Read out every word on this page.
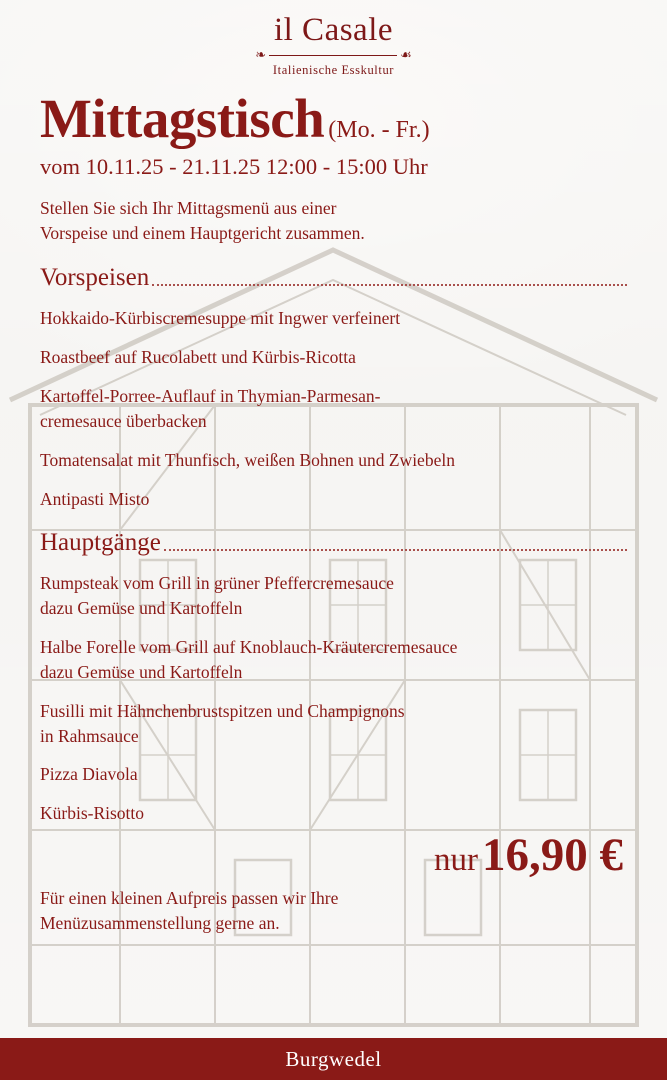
il Casale
❧	☙
Italienische Esskultur
Mittagstisch (Mo. - Fr.)
vom 10.11.25 - 21.11.25 12:00 - 15:00 Uhr
Stellen Sie sich Ihr Mittagsmenü aus einer
Vorspeise und einem Hauptgericht zusammen.
Vorspeisen
Hokkaido-Kürbiscremesuppe mit Ingwer verfeinert
Roastbeef auf Rucolabett und Kürbis-Ricotta
Kartoffel-Porree-Auflauf in Thymian-Parmesan-
cremesauce überbacken
Tomatensalat mit Thunfisch, weißen Bohnen und Zwiebeln
Antipasti Misto
Hauptgänge
Rumpsteak vom Grill in grüner Pfeffercremesauce
dazu Gemüse und Kartoffeln
Halbe Forelle vom Grill auf Knoblauch-Kräutercremesauce
dazu Gemüse und Kartoffeln
Fusilli mit Hähnchenbrustspitzen und Champignons
in Rahmsauce
Pizza Diavola
Kürbis-Risotto
nur16,90 €
Für einen kleinen Aufpreis passen wir Ihre
Menüzusammenstellung gerne an.
Burgwedel
